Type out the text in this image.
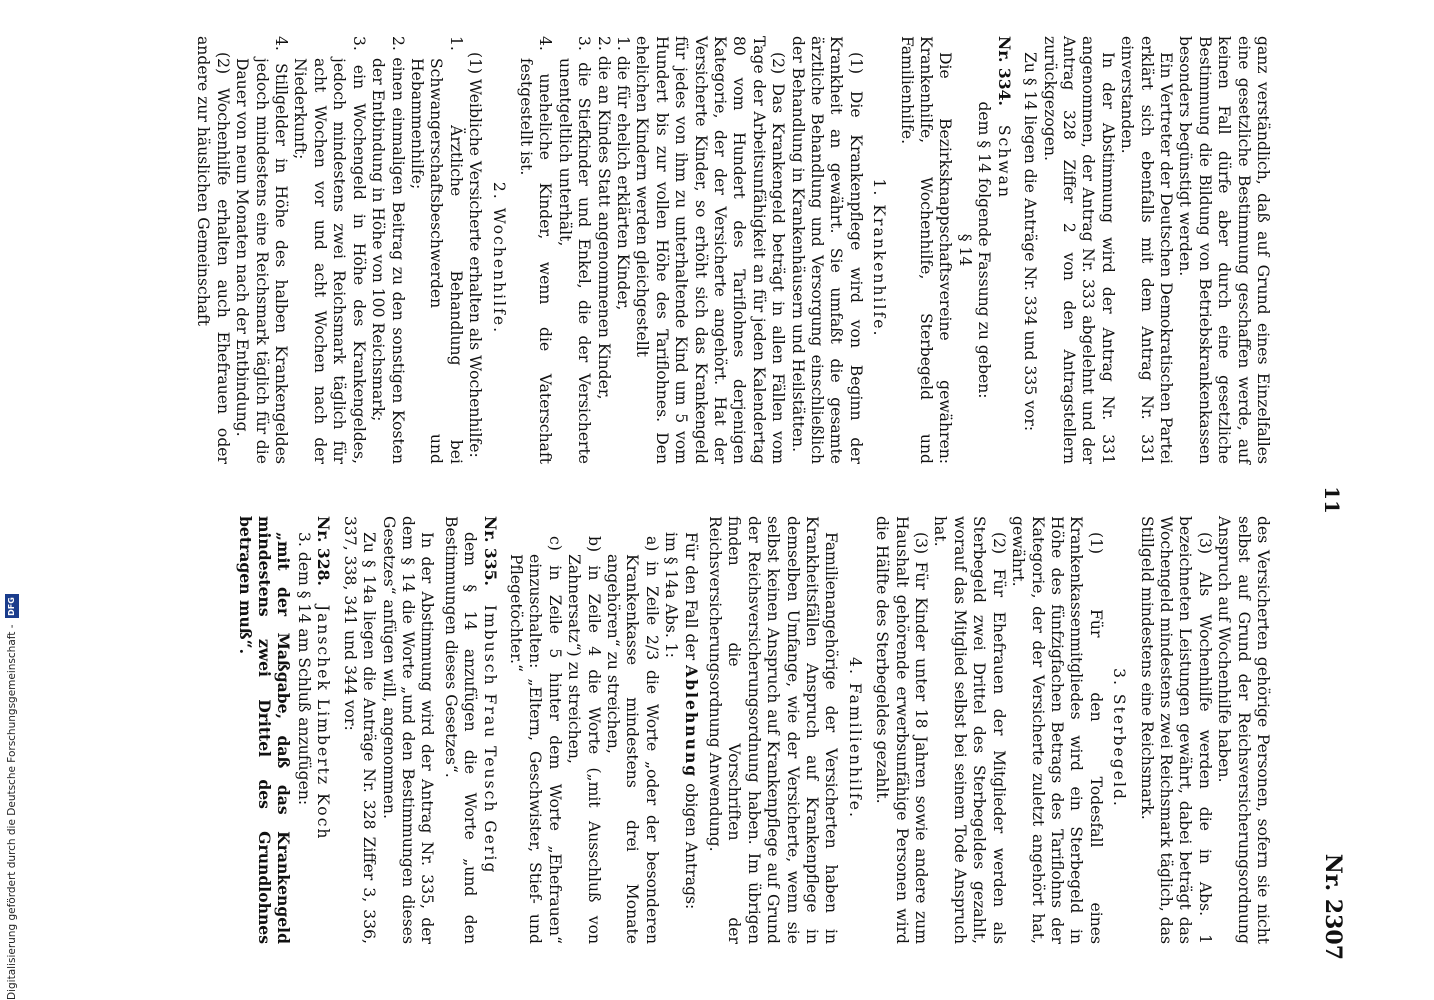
11
Nr. 2307

ganz verständlich, daß auf Grund eines Einzelfalles eine gesetzliche Bestimmung geschaffen werde, auf keinen Fall dürfe aber durch eine gesetzliche Bestimmung die Bildung von Betriebskrankenkassen besonders begünstigt werden.

Ein Vertreter der Deutschen Demokratischen Partei erklärt sich ebenfalls mit dem Antrag Nr. 331 einverstanden.

In der Abstimmung wird der Antrag Nr. 331 angenommen, der Antrag Nr. 333 abgelehnt und der Antrag 328 Ziffer 2 von den Antragstellern zurückgezogen.

Zu § 14 liegen die Anträge Nr. 334 und 335 vor:

Nr. 334. Schwan

dem § 14 folgende Fassung zu geben:

§ 14

Die Bezirksknappschaftsvereine gewähren: Krankenhilfe, Wochenhilfe, Sterbegeld und Familienhilfe.

1. Krankenhilfe.

(1) Die Krankenpflege wird von Beginn der Krankheit an gewährt. Sie umfaßt die gesamte ärztliche Behandlung und Versorgung einschließlich der Behandlung in Krankenhäusern und Heilstätten.

(2) Das Krankengeld beträgt in allen Fällen vom Tage der Arbeitsunfähigkeit an für jeden Kalendertag 80 vom Hundert des Tariflohnes derjenigen Kategorie, der der Versicherte angehört. Hat der Versicherte Kinder, so erhöht sich das Krankengeld für jedes von ihm zu unterhaltende Kind um 5 vom Hundert bis zur vollen Höhe des Tariflohnes. Den ehelichen Kindern werden gleichgestellt

1. die für ehelich erklärten Kinder,

2. die an Kindes Statt angenommenen Kinder,

3. die Stiefkinder und Enkel, die der Versicherte unentgeltlich unterhält,

4. uneheliche Kinder, wenn die Vaterschaft festgestellt ist.

2. Wochenhilfe.

(1) Weibliche Versicherte erhalten als Wochenhilfe:

1. Ärztliche Behandlung bei Schwangerschaftsbeschwerden und Hebammenhilfe;

2. einen einmaligen Beitrag zu den sonstigen Kosten der Entbindung in Höhe von 100 Reichsmark;

3. ein Wochengeld in Höhe des Krankengeldes, jedoch mindestens zwei Reichsmark täglich für acht Wochen vor und acht Wochen nach der Niederkunft;

4. Stillgelder in Höhe des halben Krankengeldes jedoch mindestens eine Reichsmark täglich für die Dauer von neun Monaten nach der Entbindung.

(2) Wochenhilfe erhalten auch Ehefrauen oder andere zur häuslichen Gemeinschaft

des Versicherten gehörige Personen, sofern sie nicht selbst auf Grund der Reichsversicherungsordnung Anspruch auf Wochenhilfe haben.

(3) Als Wochenhilfe werden die in Abs. 1 bezeichneten Leistungen gewährt, dabei beträgt das Wochengeld mindestens zwei Reichsmark täglich, das Stillgeld mindestens eine Reichsmark.

3. Sterbegeld.

(1) Für den Todesfall eines Krankenkassenmitgliedes wird ein Sterbegeld in Höhe des fünfzigfachen Betrags des Tariflohns der Kategorie, der der Versicherte zuletzt angehört hat, gewährt.

(2) Für Ehefrauen der Mitglieder werden als Sterbegeld zwei Drittel des Sterbegeldes gezahlt, worauf das Mitglied selbst bei seinem Tode Anspruch hat.

(3) Für Kinder unter 18 Jahren sowie andere zum Haushalt gehörende erwerbsunfähige Personen wird die Hälfte des Sterbegeldes gezahlt.

4. Familienhilfe.

Familienangehörige der Versicherten haben in Krankheitsfällen Anspruch auf Krankenpflege in demselben Umfange, wie der Versicherte, wenn sie selbst keinen Anspruch auf Krankenpflege auf Grund der Reichsversicherungsordnung haben. Im übrigen finden die Vorschriften der Reichsversicherungsordnung Anwendung.

Für den Fall der Ablehnung obigen Antrags:

im § 14a Abs. 1:

a) in Zeile 2/3 die Worte „oder der besonderen Krankenkasse mindestens drei Monate angehören“ zu streichen,

b) in Zeile 4 die Worte („mit Ausschluß von Zahnersatz“) zu streichen,

c) in Zeile 5 hinter dem Worte „Ehefrauen“ einzuschalten: „Eltern, Geschwister, Stief- und Pflegetöchter.“

Nr. 335. Imbusch Frau Teusch Gerig

dem § 14 anzufügen die Worte „und den Bestimmungen dieses Gesetzes“.

In der Abstimmung wird der Antrag Nr. 335, der dem § 14 die Worte „und den Bestimmungen dieses Gesetzes“ anfügen will, angenommen.

Zu § 14a liegen die Anträge Nr. 328 Ziffer 3, 336, 337, 338, 341 und 344 vor:

Nr. 328. Janschek Limbertz Koch

3. dem § 14 am Schluß anzufügen:

„mit der Maßgabe, daß das Krankengeld mindestens zwei Drittel des Grundlohnes betragen muß“.

Digitalisierung gefördert durch die Deutsche Forschungsgemeinschaft -
DFG
